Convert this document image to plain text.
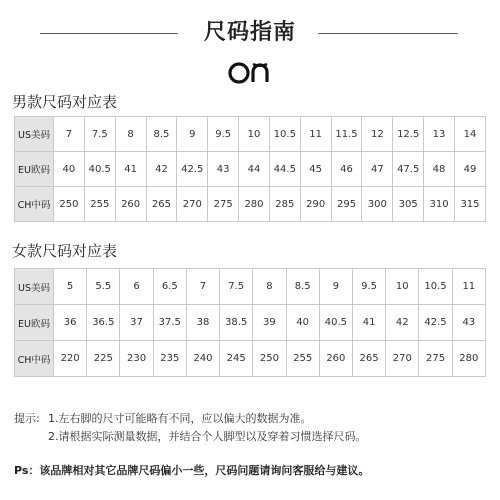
尺码指南
男款尺码对应表
US美码	7	7.5	8	8.5	9	9.5	10	10.5	11	11.5	12	12.5	13	14
EU欧码	40	40.5	41	42	42.5	43	44	44.5	45	46	47	47.5	48	49
CH中码	250	255	260	265	270	275	280	285	290	295	300	305	310	315
女款尺码对应表
US美码	5	5.5	6	6.5	7	7.5	8	8.5	9	9.5	10	10.5	11
EU欧码	36	36.5	37	37.5	38	38.5	39	40	40.5	41	42	42.5	43
CH中码	220	225	230	235	240	245	250	255	260	265	270	275	280
提示: 1.左右脚的尺寸可能略有不同，应以偏大的数据为准。
2.请根据实际测量数据，并结合个人脚型以及穿着习惯选择尺码。
Ps：该品牌相对其它品牌尺码偏小一些，尺码问题请询问客服给与建议。
